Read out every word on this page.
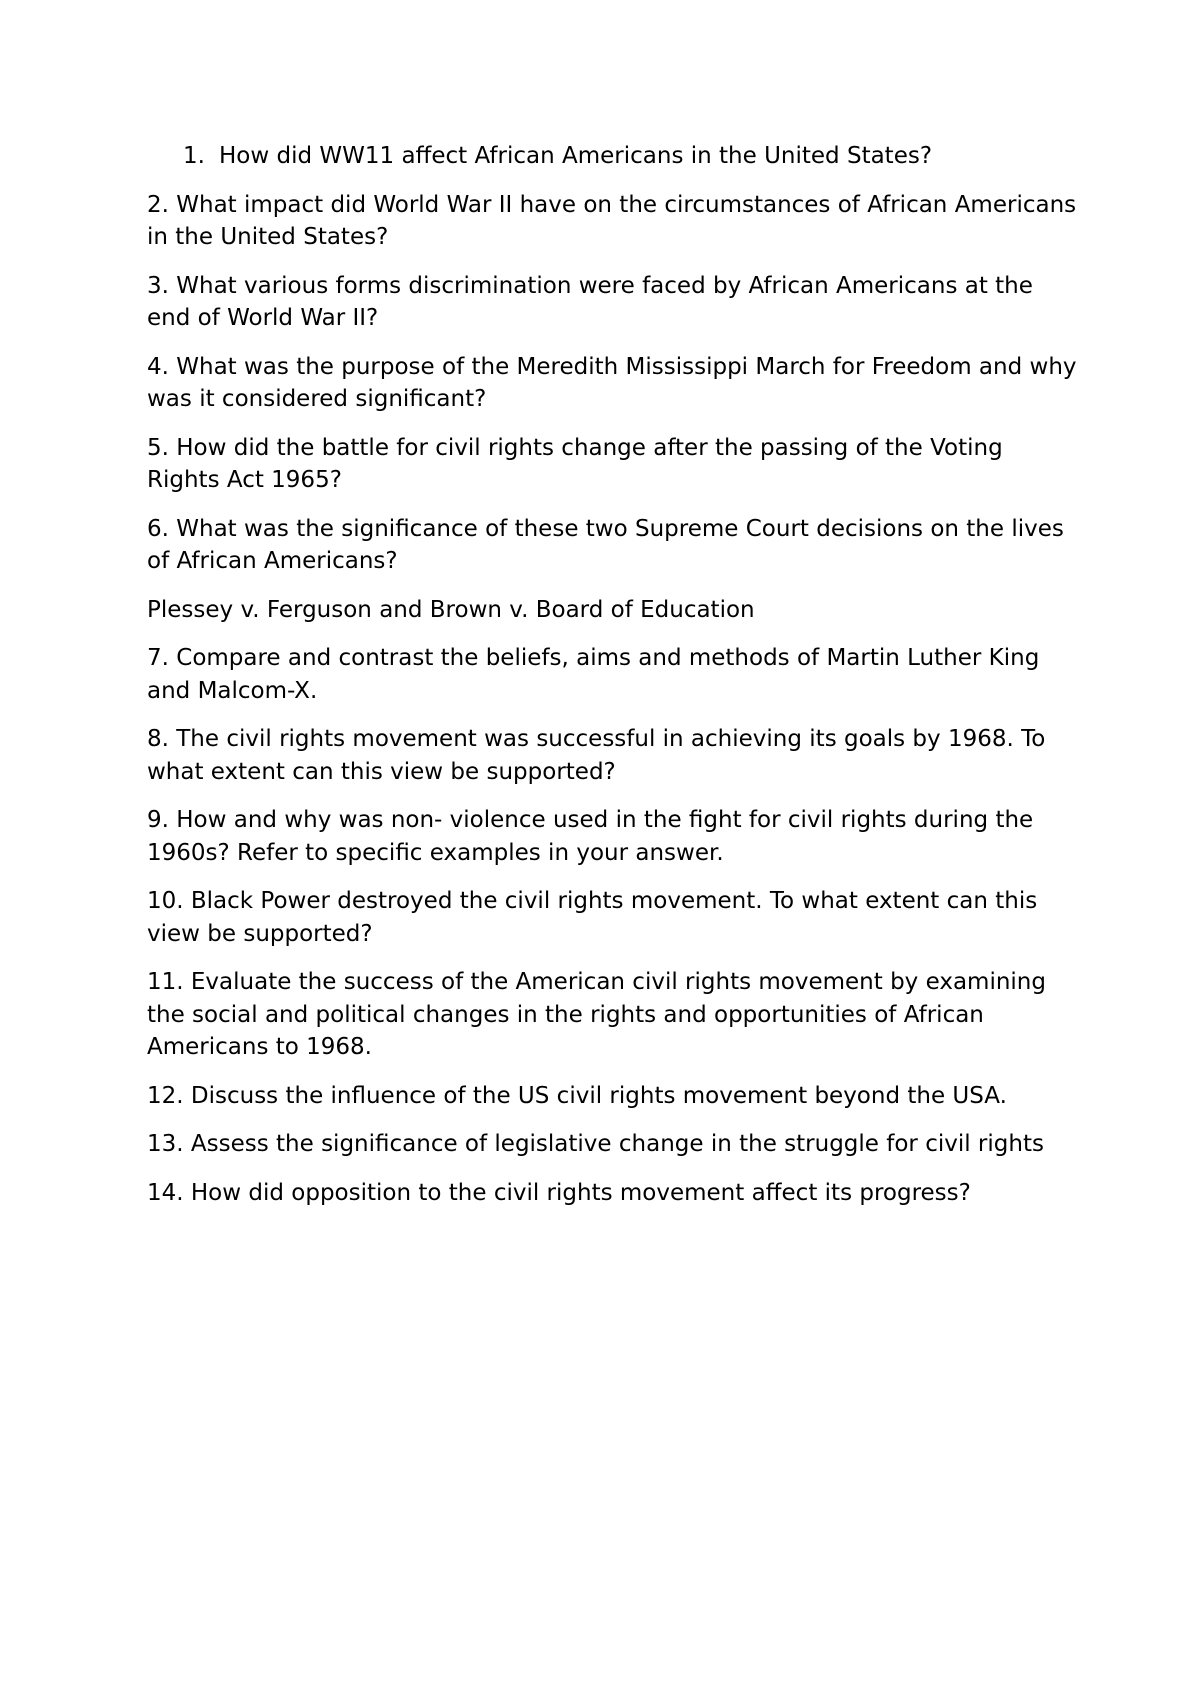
1. How did WW11 affect African Americans in the United States?

2. What impact did World War II have on the circumstances of African Americans in the United States?

3. What various forms discrimination were faced by African Americans at the end of World War II?

4. What was the purpose of the Meredith Mississippi March for Freedom and why was it considered significant?

5. How did the battle for civil rights change after the passing of the Voting Rights Act 1965?

6. What was the significance of these two Supreme Court decisions on the lives of African Americans?

Plessey v. Ferguson and Brown v. Board of Education

7. Compare and contrast the beliefs, aims and methods of Martin Luther King and Malcom-X.

8. The civil rights movement was successful in achieving its goals by 1968. To what extent can this view be supported?

9. How and why was non- violence used in the fight for civil rights during the 1960s? Refer to specific examples in your answer.

10. Black Power destroyed the civil rights movement. To what extent can this view be supported?

11. Evaluate the success of the American civil rights movement by examining the social and political changes in the rights and opportunities of African Americans to 1968.

12. Discuss the influence of the US civil rights movement beyond the USA.

13. Assess the significance of legislative change in the struggle for civil rights

14. How did opposition to the civil rights movement affect its progress?
